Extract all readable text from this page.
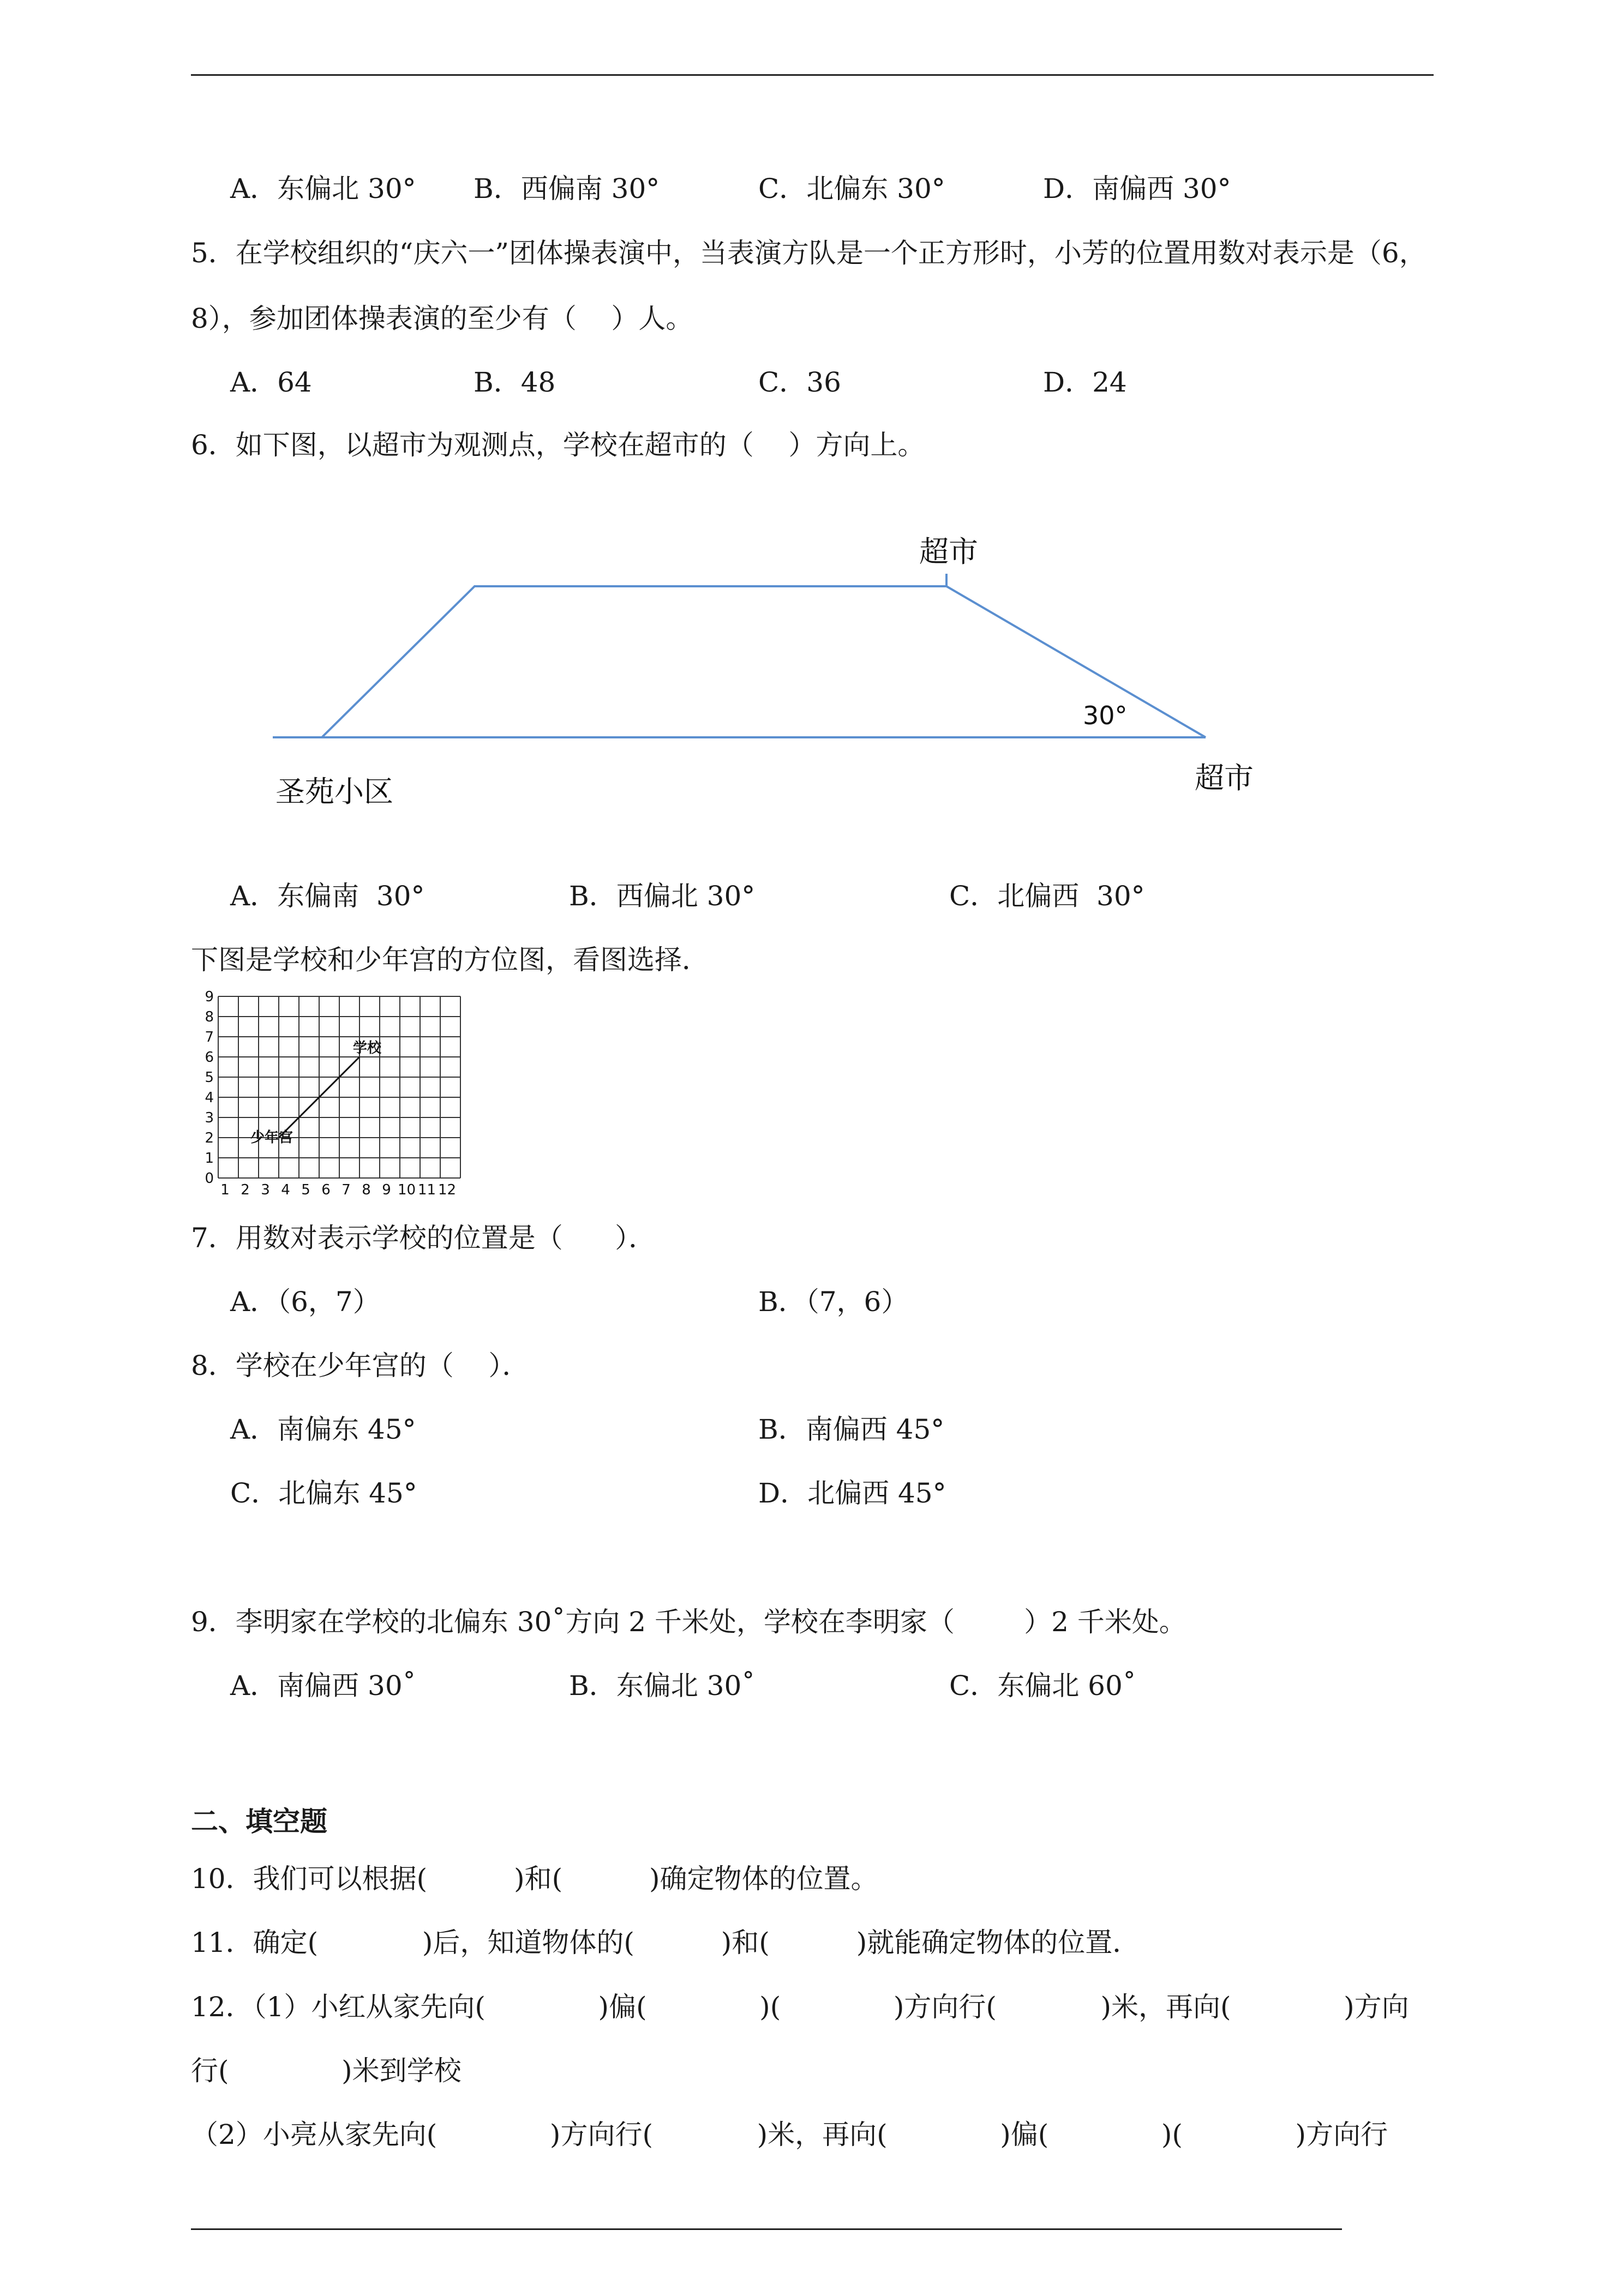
A．东偏北 30° B．西偏南 30°	C．北偏东 30°	D．南偏西 30°
5．在学校组织的“庆六一”团体操表演中，当表演方队是一个正方形时，小芳的位置用数对表示是（6，
8），参加团体操表演的至少有（    ）人。
A．64	B．48	C．36	D．24
6．如下图，以超市为观测点，学校在超市的（    ）方向上。
超市
30°
超市
圣苑小区
A．东偏南  30°	B．西偏北 30°	C．北偏西  30°
下图是学校和少年宫的方位图，看图选择．
9
8
7
6
5
4
3
2
1
0
1 2 3 4 5 6 7 8 9 10 11 12
学校
少年宫
7．用数对表示学校的位置是（      ）．
A．（6，7）	B．（7，6）
8．学校在少年宫的（    ）．
A．南偏东 45°	B．南偏西 45°
C．北偏东 45°	D．北偏西 45°
9．李明家在学校的北偏东 30˚方向 2 千米处，学校在李明家（        ）2 千米处。
A．南偏西 30˚	B．东偏北 30˚	C．东偏北 60˚
二、填空题
10．我们可以根据(          )和(          )确定物体的位置。
11．确定(            )后，知道物体的(          )和(          )就能确定物体的位置．
12．（1）小红从家先向(             )偏(             )(             )方向行(            )米，再向(             )方向
行(             )米到学校
（2）小亮从家先向(             )方向行(            )米，再向(             )偏(             )(             )方向行
